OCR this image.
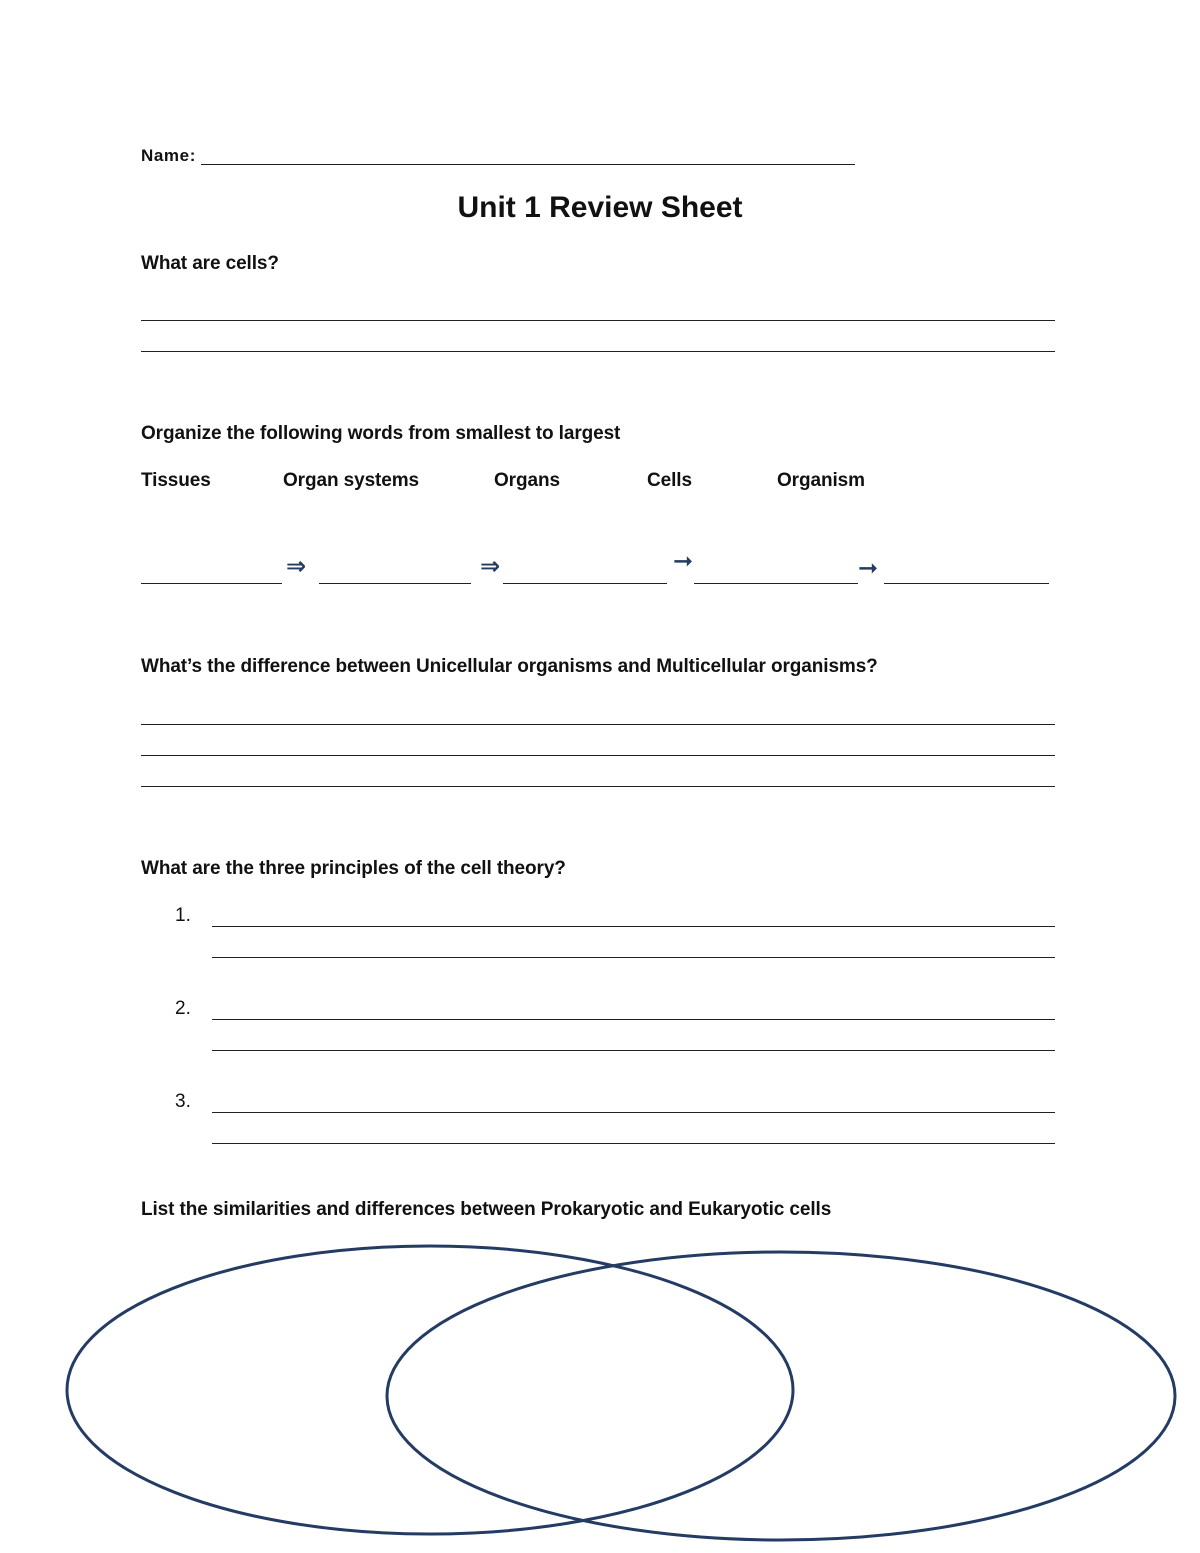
Name:
Unit 1 Review Sheet
What are cells?
Organize the following words from smallest to largest
Tissues	Organ systems	Organs	Cells	Organism
⇒	⇒	➞	➞
What’s the difference between Unicellular organisms and Multicellular organisms?
What are the three principles of the cell theory?
1.
2.
3.
List the similarities and differences between Prokaryotic and Eukaryotic cells
